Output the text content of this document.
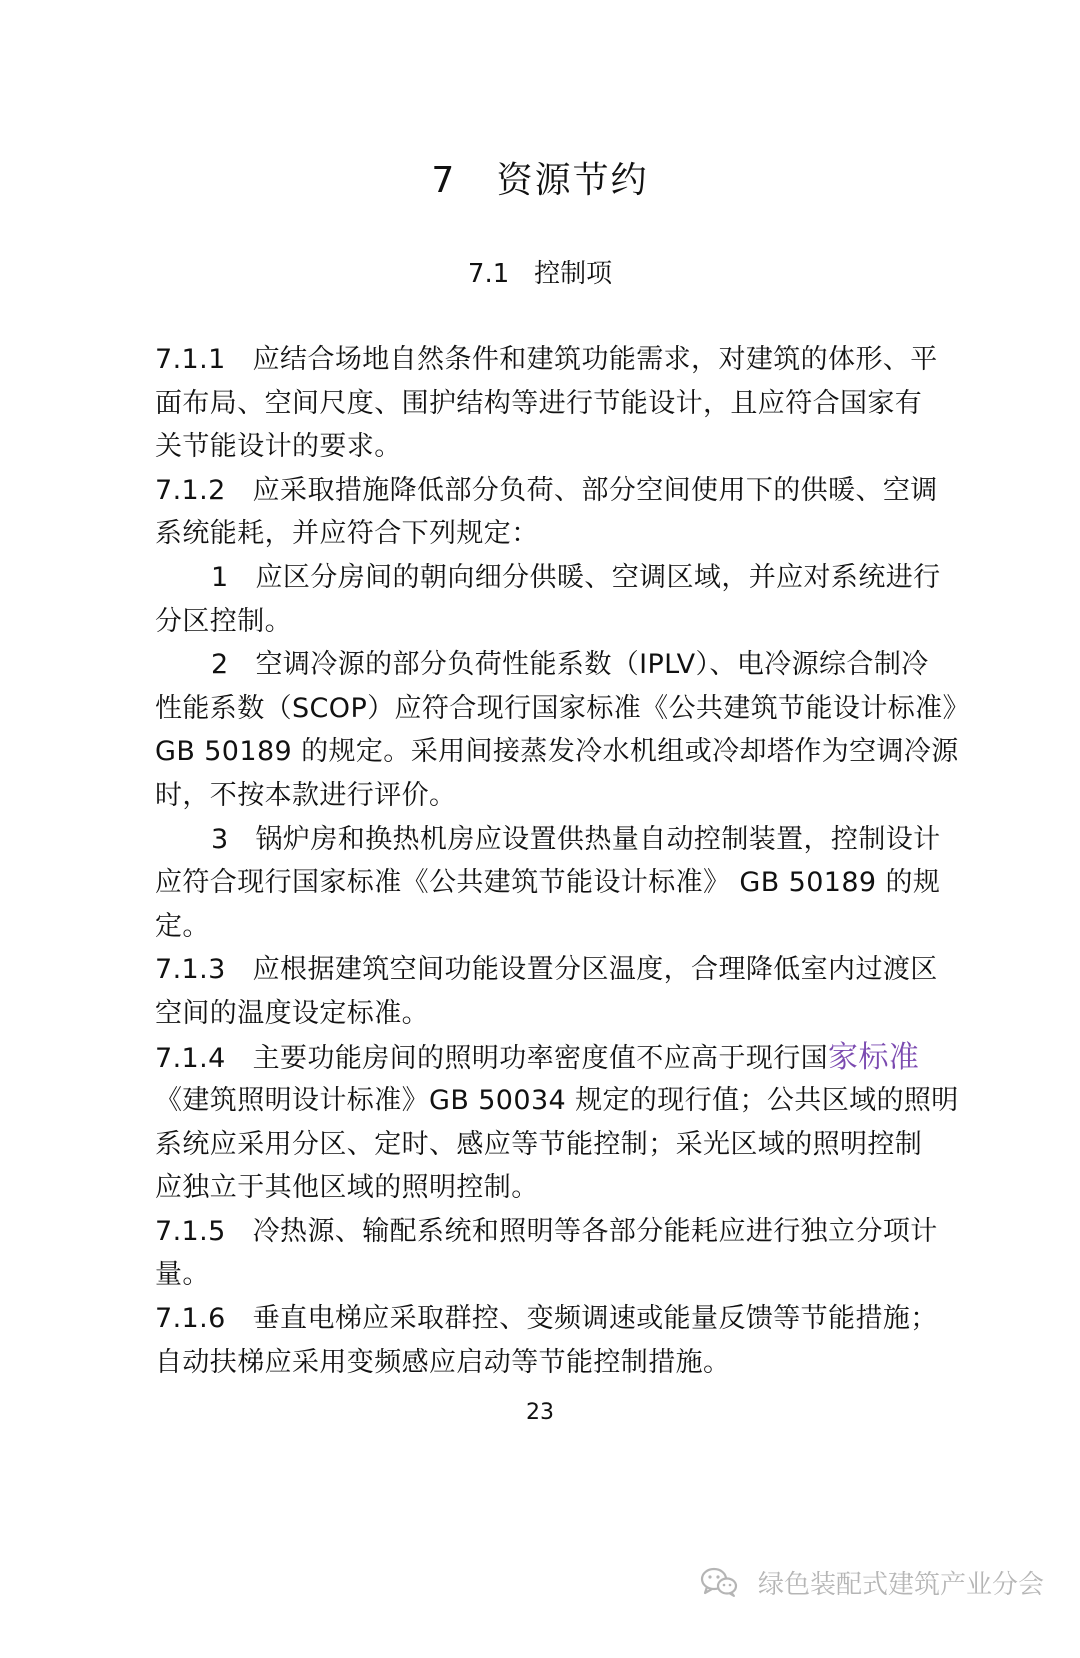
7   资源节约
7.1   控制项
7.1.1   应结合场地自然条件和建筑功能需求，对建筑的体形、平
面布局、空间尺度、围护结构等进行节能设计，且应符合国家有
关节能设计的要求。
7.1.2   应采取措施降低部分负荷、部分空间使用下的供暖、空调
系统能耗，并应符合下列规定：
1   应区分房间的朝向细分供暖、空调区域，并应对系统进行
分区控制。
2   空调冷源的部分负荷性能系数（IPLV）、电冷源综合制冷
性能系数（SCOP）应符合现行国家标准《公共建筑节能设计标准》
GB 50189 的规定。采用间接蒸发冷水机组或冷却塔作为空调冷源
时，不按本款进行评价。
3   锅炉房和换热机房应设置供热量自动控制装置，控制设计
应符合现行国家标准《公共建筑节能设计标准》 GB 50189 的规
定。
7.1.3   应根据建筑空间功能设置分区温度，合理降低室内过渡区
空间的温度设定标准。
7.1.4   主要功能房间的照明功率密度值不应高于现行国家标准
《建筑照明设计标准》GB 50034 规定的现行值；公共区域的照明
系统应采用分区、定时、感应等节能控制；采光区域的照明控制
应独立于其他区域的照明控制。
7.1.5   冷热源、输配系统和照明等各部分能耗应进行独立分项计
量。
7.1.6   垂直电梯应采取群控、变频调速或能量反馈等节能措施；
自动扶梯应采用变频感应启动等节能控制措施。
23

绿色装配式建筑产业分会
